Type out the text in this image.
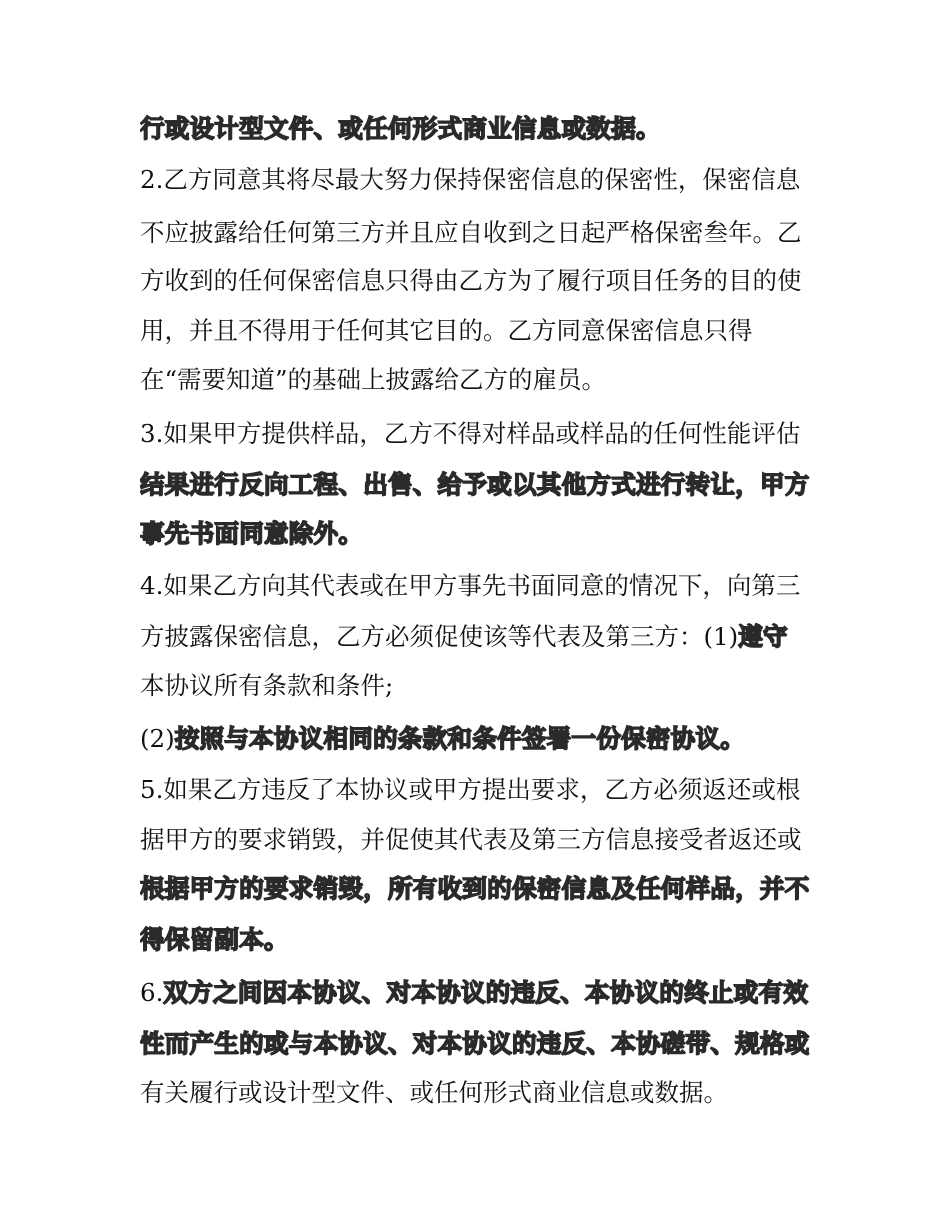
行或设计型文件、或任何形式商业信息或数据。
2.乙方同意其将尽最大努力保持保密信息的保密性，保密信息
不应披露给任何第三方并且应自收到之日起严格保密叁年。乙
方收到的任何保密信息只得由乙方为了履行项目任务的目的使
用，并且不得用于任何其它目的。乙方同意保密信息只得
在“需要知道”的基础上披露给乙方的雇员。
3.如果甲方提供样品，乙方不得对样品或样品的任何性能评估
结果进行反向工程、出售、给予或以其他方式进行转让，甲方
事先书面同意除外。
4.如果乙方向其代表或在甲方事先书面同意的情况下，向第三
方披露保密信息，乙方必须促使该等代表及第三方：(1)遵守
本协议所有条款和条件;
(2)按照与本协议相同的条款和条件签署一份保密协议。
5.如果乙方违反了本协议或甲方提出要求，乙方必须返还或根
据甲方的要求销毁，并促使其代表及第三方信息接受者返还或
根据甲方的要求销毁，所有收到的保密信息及任何样品，并不
得保留副本。
6.双方之间因本协议、对本协议的违反、本协议的终止或有效
性而产生的或与本协议、对本协议的违反、本协磋带、规格或
有关履行或设计型文件、或任何形式商业信息或数据。
